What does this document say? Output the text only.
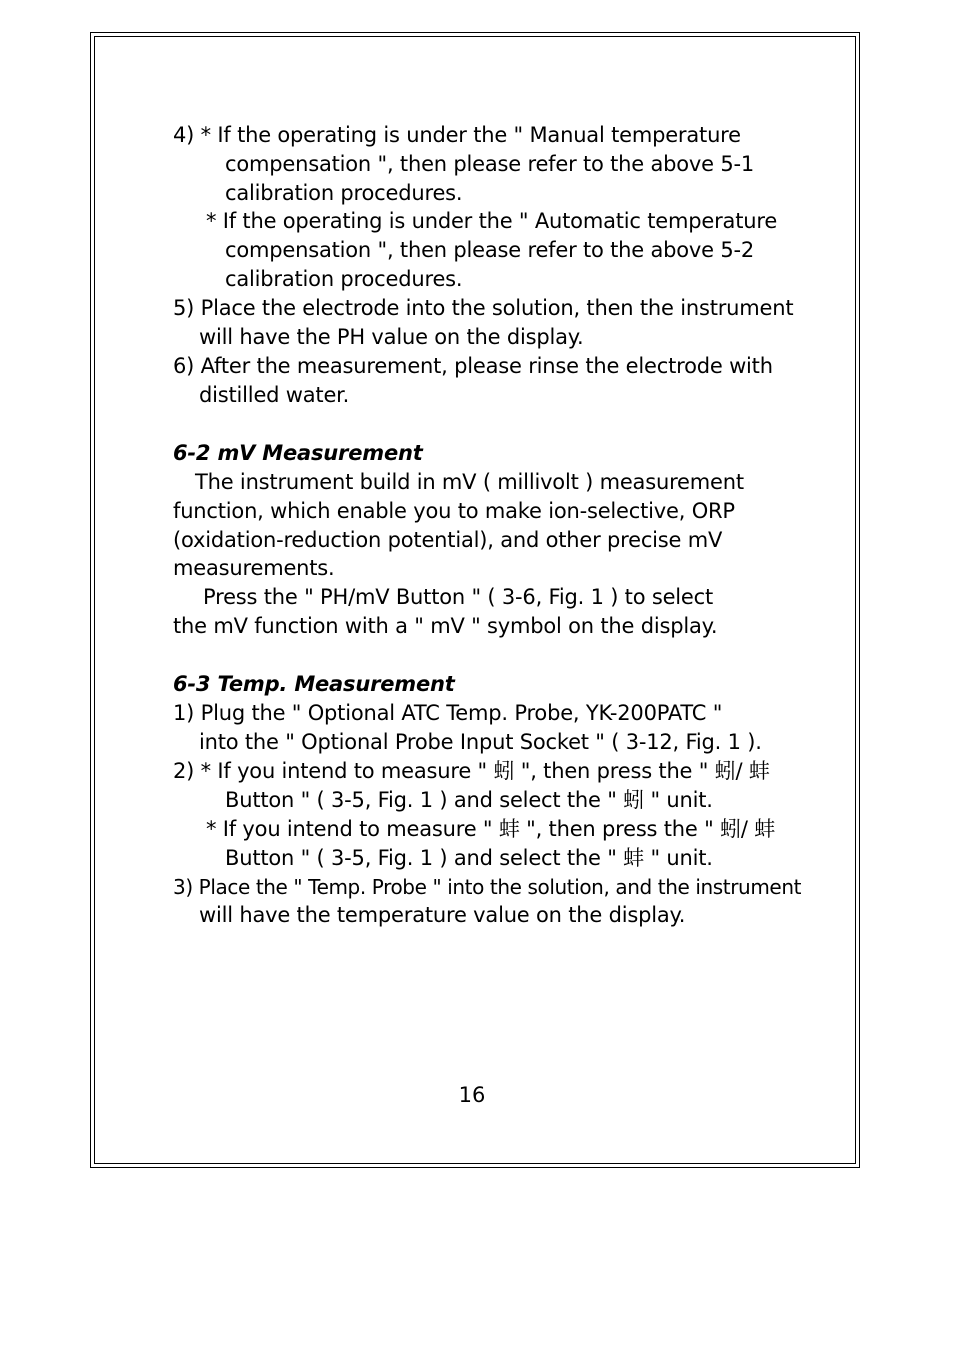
4) * If the operating is under the " Manual temperature
compensation ", then please refer to the above 5-1
calibration procedures.
* If the operating is under the " Automatic temperature
compensation ", then please refer to the above 5-2
calibration procedures.
5) Place the electrode into the solution, then the instrument
will have the PH value on the display.
6) After the measurement, please rinse the electrode with
distilled water.
6-2 mV Measurement
The instrument build in mV ( millivolt ) measurement
function, which enable you to make ion-selective, ORP
(oxidation-reduction potential), and other precise mV
measurements.
Press the " PH/mV Button " ( 3-6, Fig. 1 ) to select
the mV function with a " mV " symbol on the display.
6-3 Temp. Measurement
1) Plug the " Optional ATC Temp. Probe, YK-200PATC "
into the " Optional Probe Input Socket " ( 3-12, Fig. 1 ).
2) * If you intend to measure " 蚓 ", then press the " 蚓/ 蚌
Button " ( 3-5, Fig. 1 ) and select the " 蚓 " unit.
* If you intend to measure " 蚌 ", then press the " 蚓/ 蚌
Button " ( 3-5, Fig. 1 ) and select the " 蚌 " unit.
3) Place the " Temp. Probe " into the solution, and the instrument
will have the temperature value on the display.
16
